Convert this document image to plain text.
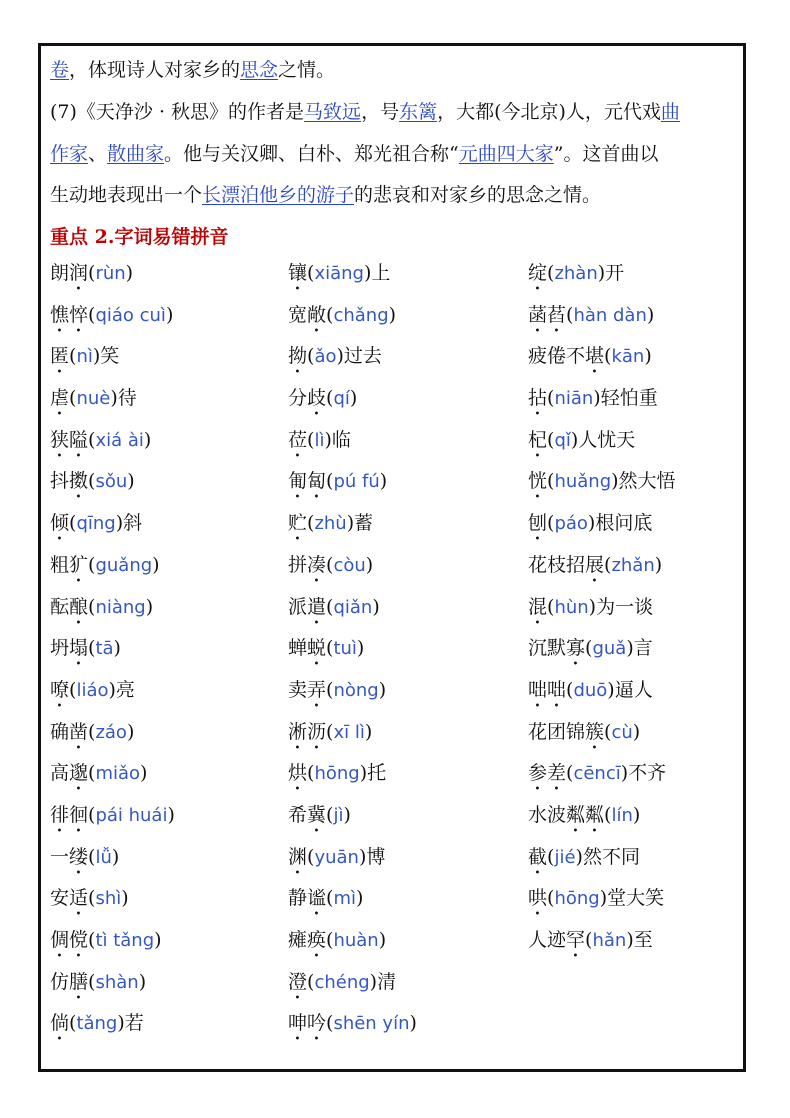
卷，体现诗人对家乡的思念之情。
(7)《天净沙 · 秋思》的作者是马致远，号东篱，大都(今北京)人，元代戏曲
作家、散曲家。他与关汉卿、白朴、郑光祖合称“元曲四大家”。这首曲以
生动地表现出一个长漂泊他乡的游子的悲哀和对家乡的思念之情。
重点 2.字词易错拼音
朗润(rùn)	镶(xiāng)上	绽(zhàn)开
憔悴(qiáo cuì)	宽敞(chǎng)	菡萏(hàn dàn)
匿(nì)笑	拗(ǎo)过去	疲倦不堪(kān)
虐(nuè)待	分歧(qí)	拈(niān)轻怕重
狭隘(xiá ài)	莅(lì)临	杞(qǐ)人忧天
抖擞(sǒu)	匍匐(pú fú)	恍(huǎng)然大悟
倾(qīng)斜	贮(zhù)蓄	刨(páo)根问底
粗犷(guǎng)	拼凑(còu)	花枝招展(zhǎn)
酝酿(niàng)	派遣(qiǎn)	混(hùn)为一谈
坍塌(tā)	蝉蜕(tuì)	沉默寡(guǎ)言
嘹(liáo)亮	卖弄(nòng)	咄咄(duō)逼人
确凿(záo)	淅沥(xī lì)	花团锦簇(cù)
高邈(miǎo)	烘(hōng)托	参差(cēncī)不齐
徘徊(pái huái)	希冀(jì)	水波粼粼(lín)
一缕(lǚ)	渊(yuān)博	截(jié)然不同
安适(shì)	静谧(mì)	哄(hōng)堂大笑
倜傥(tì tǎng)	瘫痪(huàn)	人迹罕(hǎn)至
仿膳(shàn)	澄(chéng)清
倘(tǎng)若	呻吟(shēn yín)
